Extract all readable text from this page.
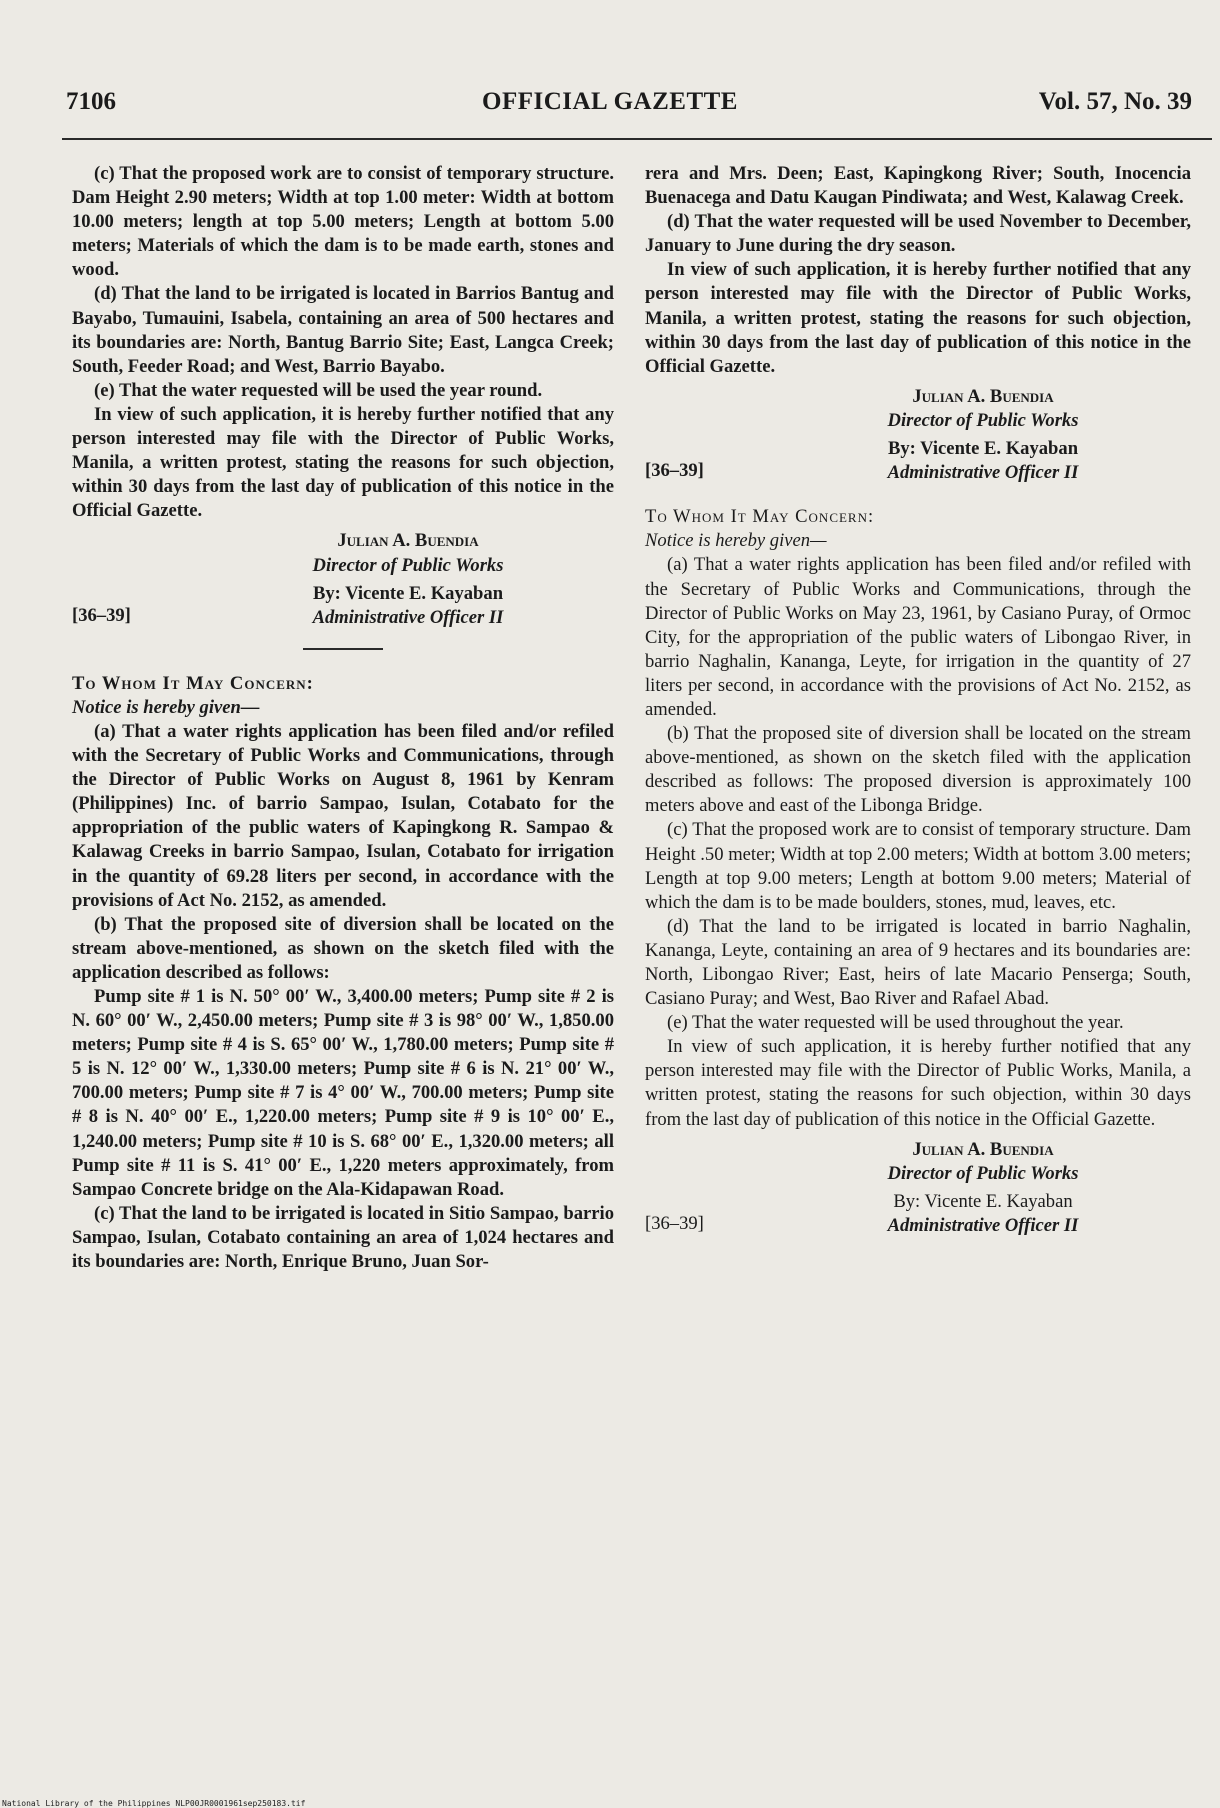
7106	OFFICIAL GAZETTE	Vol. 57, No. 39

(c) That the proposed work are to consist of temporary structure. Dam Height 2.90 meters; Width at top 1.00 meter: Width at bottom 10.00 meters; length at top 5.00 meters; Length at bottom 5.00 meters; Materials of which the dam is to be made earth, stones and wood.

(d) That the land to be irrigated is located in Barrios Bantug and Bayabo, Tumauini, Isabela, containing an area of 500 hectares and its boundaries are: North, Bantug Barrio Site; East, Langca Creek; South, Feeder Road; and West, Barrio Bayabo.

(e) That the water requested will be used the year round.

In view of such application, it is hereby further notified that any person interested may file with the Director of Public Works, Manila, a written protest, stating the reasons for such objection, within 30 days from the last day of publication of this notice in the Official Gazette.

Julian A. Buendia
Director of Public Works
By: Vicente E. Kayaban
Administrative Officer II
[36–39]

To Whom It May Concern:

Notice is hereby given—

(a) That a water rights application has been filed and/or refiled with the Secretary of Public Works and Communications, through the Director of Public Works on August 8, 1961 by Kenram (Philippines) Inc. of barrio Sampao, Isulan, Cotabato for the appropriation of the public waters of Kapingkong R. Sampao & Kalawag Creeks in barrio Sampao, Isulan, Cotabato for irrigation in the quantity of 69.28 liters per second, in accordance with the provisions of Act No. 2152, as amended.

(b) That the proposed site of diversion shall be located on the stream above-mentioned, as shown on the sketch filed with the application described as follows:

Pump site # 1 is N. 50° 00′ W., 3,400.00 meters; Pump site # 2 is N. 60° 00′ W., 2,450.00 meters; Pump site # 3 is 98° 00′ W., 1,850.00 meters; Pump site # 4 is S. 65° 00′ W., 1,780.00 meters; Pump site # 5 is N. 12° 00′ W., 1,330.00 meters; Pump site # 6 is N. 21° 00′ W., 700.00 meters; Pump site # 7 is 4° 00′ W., 700.00 meters; Pump site # 8 is N. 40° 00′ E., 1,220.00 meters; Pump site # 9 is 10° 00′ E., 1,240.00 meters; Pump site # 10 is S. 68° 00′ E., 1,320.00 meters; all Pump site # 11 is S. 41° 00′ E., 1,220 meters approximately, from Sampao Concrete bridge on the Ala-Kidapawan Road.

(c) That the land to be irrigated is located in Sitio Sampao, barrio Sampao, Isulan, Cotabato containing an area of 1,024 hectares and its boundaries are: North, Enrique Bruno, Juan Sor-

rera and Mrs. Deen; East, Kapingkong River; South, Inocencia Buenacega and Datu Kaugan Pindiwata; and West, Kalawag Creek.

(d) That the water requested will be used November to December, January to June during the dry season.

In view of such application, it is hereby further notified that any person interested may file with the Director of Public Works, Manila, a written protest, stating the reasons for such objection, within 30 days from the last day of publication of this notice in the Official Gazette.

Julian A. Buendia
Director of Public Works
By: Vicente E. Kayaban
Administrative Officer II
[36–39]

To Whom It May Concern:

Notice is hereby given—

(a) That a water rights application has been filed and/or refiled with the Secretary of Public Works and Communications, through the Director of Public Works on May 23, 1961, by Casiano Puray, of Ormoc City, for the appropriation of the public waters of Libongao River, in barrio Naghalin, Kananga, Leyte, for irrigation in the quantity of 27 liters per second, in accordance with the provisions of Act No. 2152, as amended.

(b) That the proposed site of diversion shall be located on the stream above-mentioned, as shown on the sketch filed with the application described as follows: The proposed diversion is approximately 100 meters above and east of the Libonga Bridge.

(c) That the proposed work are to consist of temporary structure. Dam Height .50 meter; Width at top 2.00 meters; Width at bottom 3.00 meters; Length at top 9.00 meters; Length at bottom 9.00 meters; Material of which the dam is to be made boulders, stones, mud, leaves, etc.

(d) That the land to be irrigated is located in barrio Naghalin, Kananga, Leyte, containing an area of 9 hectares and its boundaries are: North, Libongao River; East, heirs of late Macario Penserga; South, Casiano Puray; and West, Bao River and Rafael Abad.

(e) That the water requested will be used throughout the year.

In view of such application, it is hereby further notified that any person interested may file with the Director of Public Works, Manila, a written protest, stating the reasons for such objection, within 30 days from the last day of publication of this notice in the Official Gazette.

Julian A. Buendia
Director of Public Works
By: Vicente E. Kayaban
Administrative Officer II
[36–39]
National Library of the Philippines NLP00JR0001961sep250183.tif
